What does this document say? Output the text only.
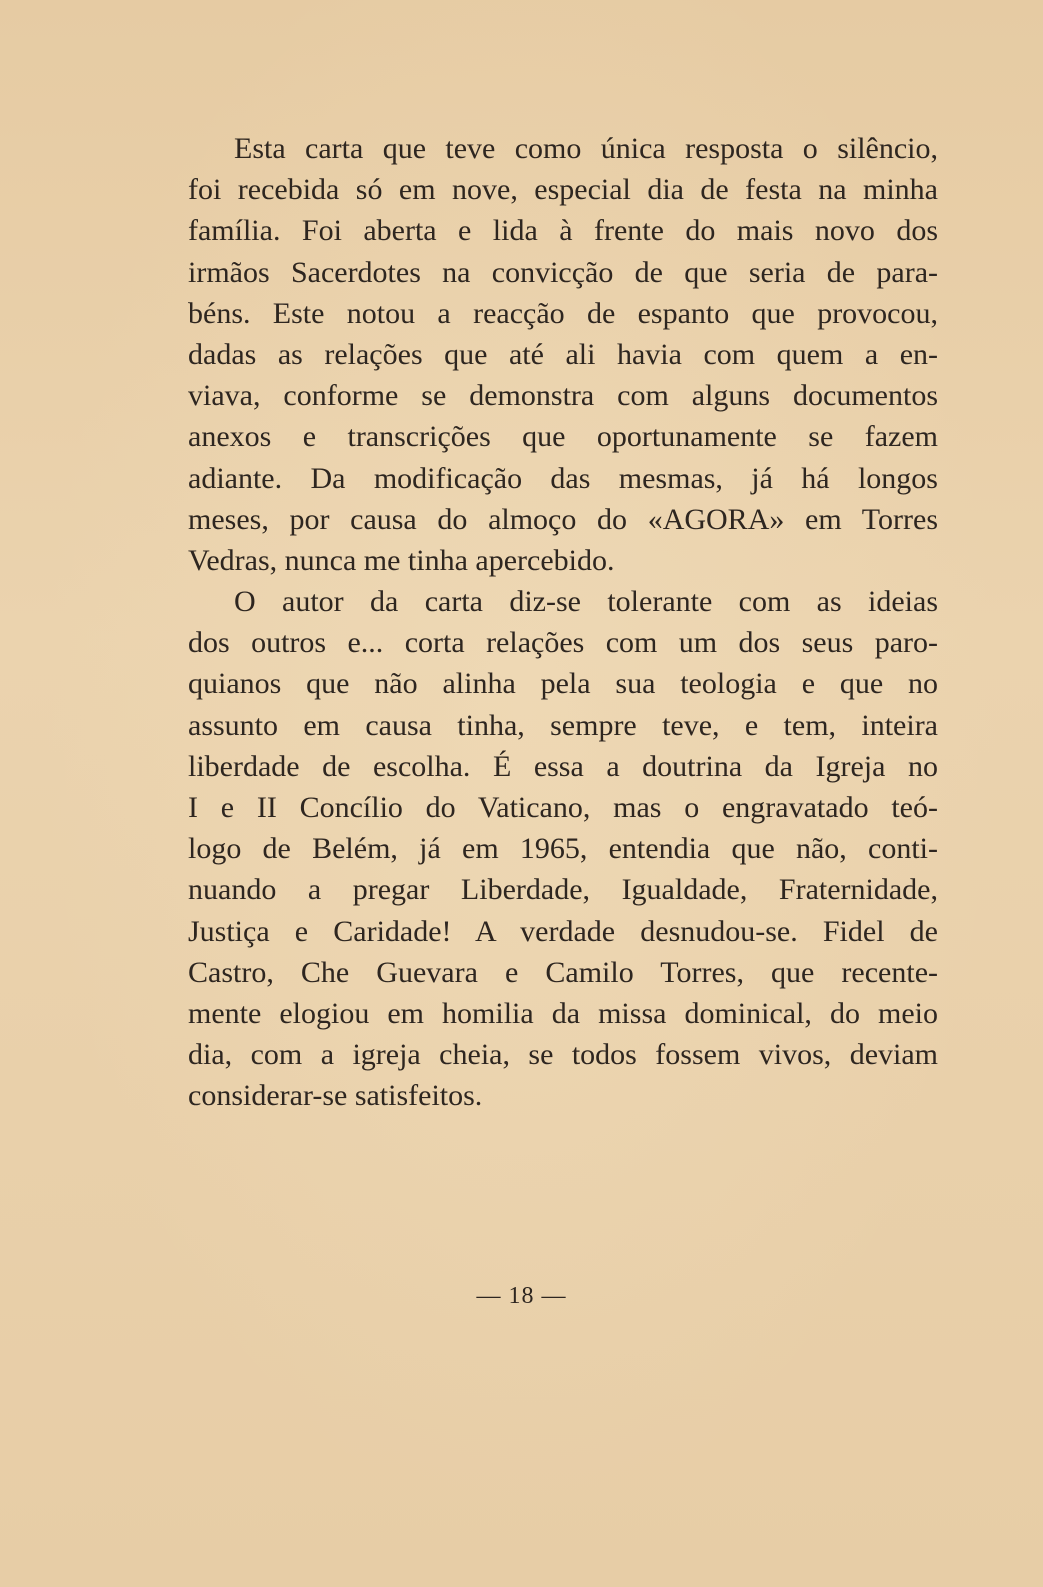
Esta carta que teve como única resposta o silêncio,
foi recebida só em nove, especial dia de festa na minha
família. Foi aberta e lida à frente do mais novo dos
irmãos Sacerdotes na convicção de que seria de para-
béns. Este notou a reacção de espanto que provocou,
dadas as relações que até ali havia com quem a en-
viava, conforme se demonstra com alguns documentos
anexos e transcrições que oportunamente se fazem
adiante. Da modificação das mesmas, já há longos
meses, por causa do almoço do «AGORA» em Torres
Vedras, nunca me tinha apercebido.
O autor da carta diz-se tolerante com as ideias
dos outros e... corta relações com um dos seus paro-
quianos que não alinha pela sua teologia e que no
assunto em causa tinha, sempre teve, e tem, inteira
liberdade de escolha. É essa a doutrina da Igreja no
I e II Concílio do Vaticano, mas o engravatado teó-
logo de Belém, já em 1965, entendia que não, conti-
nuando a pregar Liberdade, Igualdade, Fraternidade,
Justiça e Caridade! A verdade desnudou-se. Fidel de
Castro, Che Guevara e Camilo Torres, que recente-
mente elogiou em homilia da missa dominical, do meio
dia, com a igreja cheia, se todos fossem vivos, deviam
considerar-se satisfeitos.
— 18 —
